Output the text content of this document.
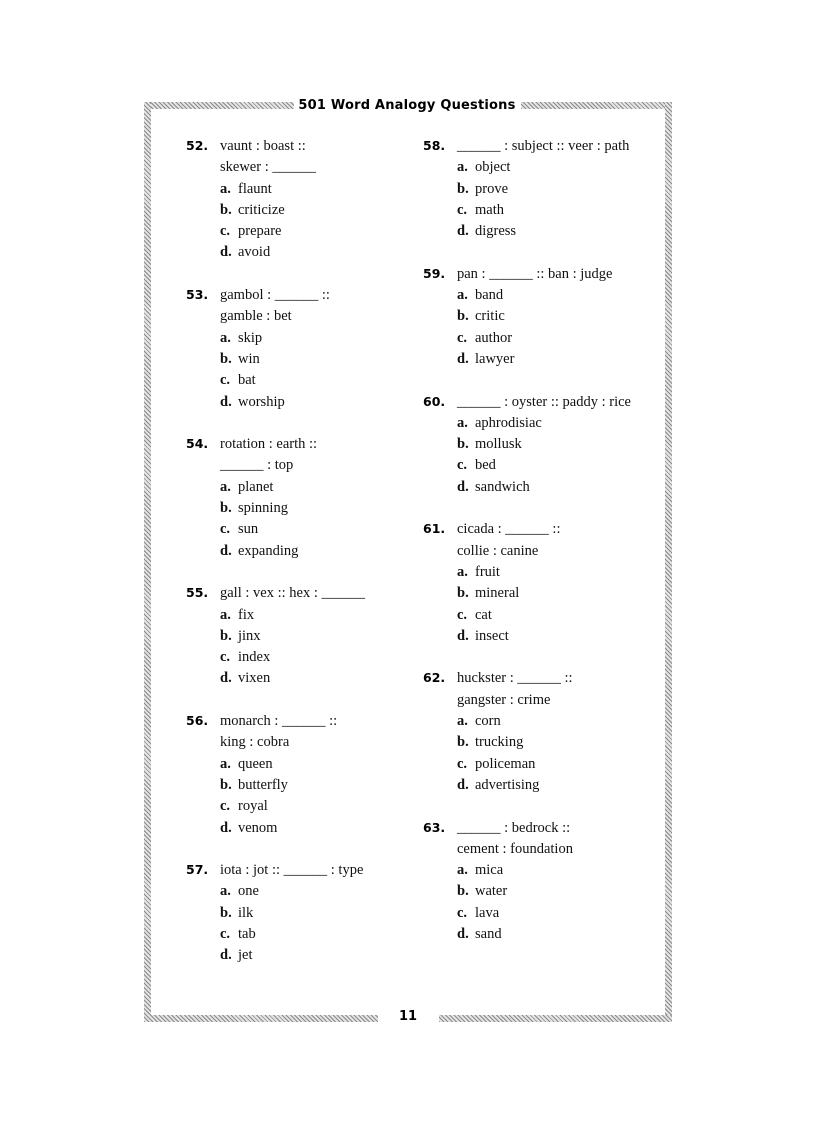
501 Word Analogy Questions
52. vaunt : boast ::
skewer : ______
a. flaunt
b. criticize
c. prepare
d. avoid
53. gambol : ______ ::
gamble : bet
a. skip
b. win
c. bat
d. worship
54. rotation : earth ::
______ : top
a. planet
b. spinning
c. sun
d. expanding
55. gall : vex :: hex : ______
a. fix
b. jinx
c. index
d. vixen
56. monarch : ______ ::
king : cobra
a. queen
b. butterfly
c. royal
d. venom
57. iota : jot :: ______ : type
a. one
b. ilk
c. tab
d. jet
58. ______ : subject :: veer : path
a. object
b. prove
c. math
d. digress
59. pan : ______ :: ban : judge
a. band
b. critic
c. author
d. lawyer
60. ______ : oyster :: paddy : rice
a. aphrodisiac
b. mollusk
c. bed
d. sandwich
61. cicada : ______ ::
collie : canine
a. fruit
b. mineral
c. cat
d. insect
62. huckster : ______ ::
gangster : crime
a. corn
b. trucking
c. policeman
d. advertising
63. ______ : bedrock ::
cement : foundation
a. mica
b. water
c. lava
d. sand
11
